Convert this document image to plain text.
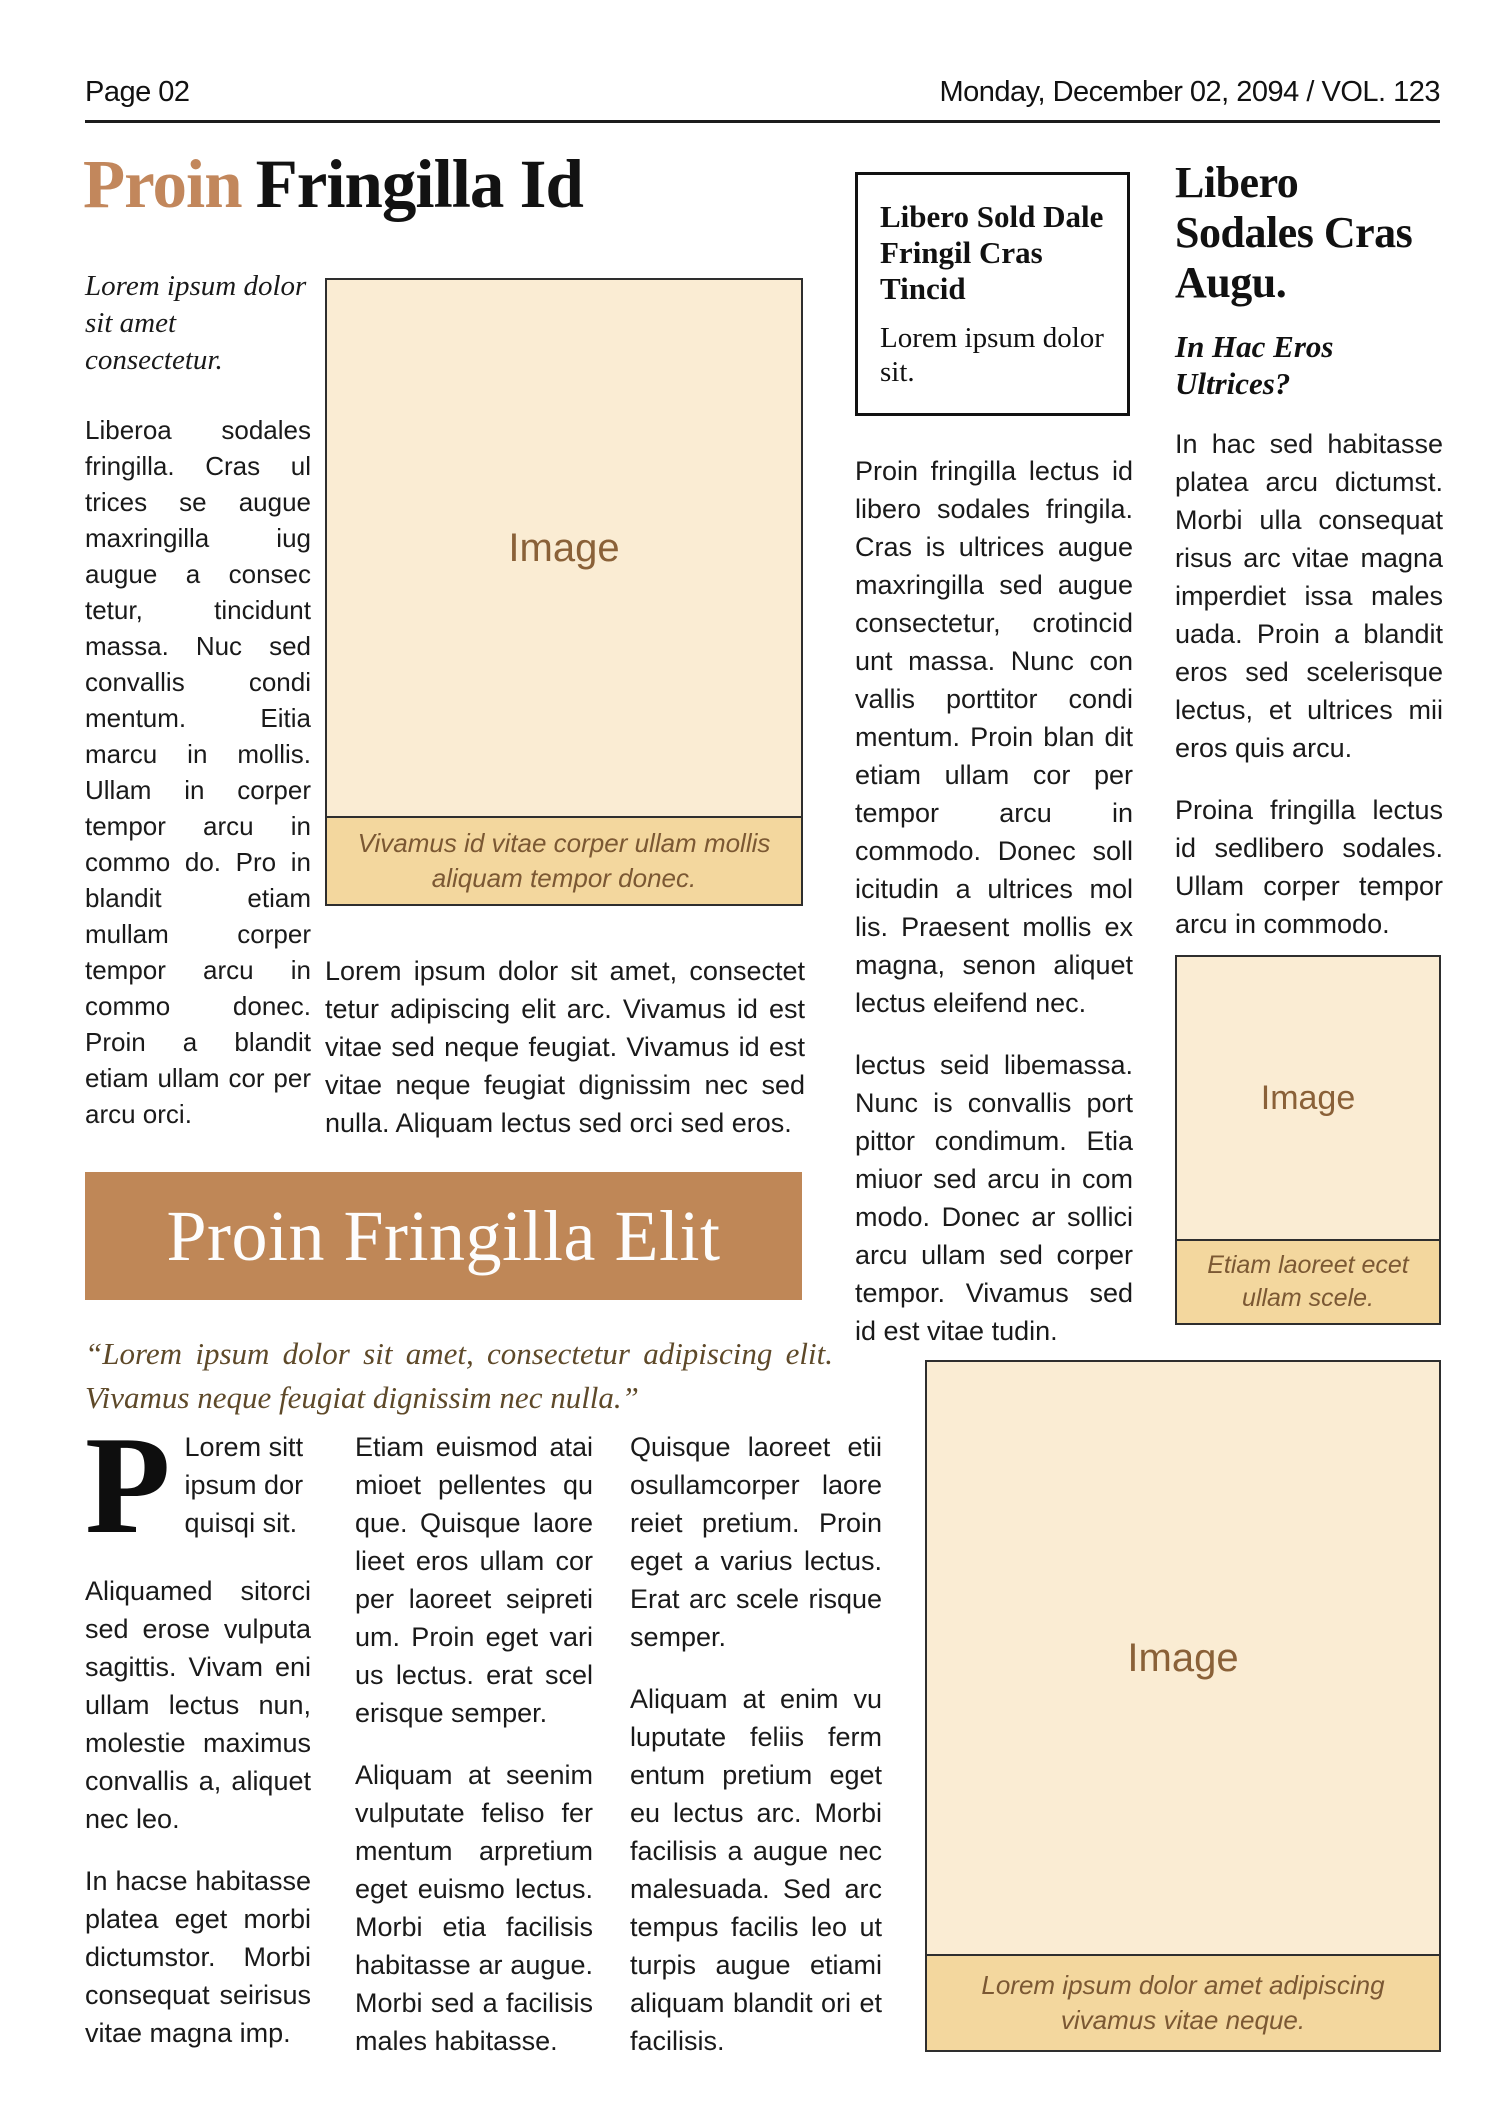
Page 02	Monday, December 02, 2094 / VOL. 123
Proin Fringilla Id
Lorem ipsum dolor sit amet consectetur.
Liberoa sodales fringilla. Cras ul trices se augue maxringilla iug augue a consec tetur, tincidunt massa. Nuc sed convallis condi mentum. Eitia marcu in mollis. Ullam in corper tempor arcu in commo do. Pro in blandit etiam mullam corper tempor arcu in commo donec. Proin a blandit etiam ullam cor per arcu orci.
Image
Vivamus id vitae corper ullam mollis aliquam tempor donec.
Lorem ipsum dolor sit amet, consectet tetur adipiscing elit arc. Vivamus id est vitae sed neque feugiat. Vivamus id est vitae neque feugiat dignissim nec sed nulla. Aliquam lectus sed orci sed eros.
Proin Fringilla Elit
“Lorem ipsum dolor sit amet, consectetur adipiscing elit. Vivamus neque feugiat dignissim nec nulla.”
P Lorem sitt ipsum dor quisqi sit.
Aliquamed sitorci sed erose vulputa sagittis. Vivam eni ullam lectus nun, molestie maximus convallis a, aliquet nec leo.
In hacse habitasse platea eget morbi dictumstor. Morbi consequat seirisus vitae magna imp.
Etiam euismod atai mioet pellentes qu que. Quisque laore lieet eros ullam cor per laoreet seipreti um. Proin eget vari us lectus. erat scel erisque semper.
Aliquam at seenim vulputate feliso fer mentum arpretium eget euismo lectus. Morbi etia facilisis habitasse ar augue. Morbi sed a facilisis males habitasse.
Quisque laoreet etii osullamcorper laore reiet pretium. Proin eget a varius lectus. Erat arc scele risque semper.
Aliquam at enim vu luputate feliis ferm entum pretium eget eu lectus arc. Morbi facilisis a augue nec malesuada. Sed arc tempus facilis leo ut turpis augue etiami aliquam blandit ori et facilisis.
Image
Lorem ipsum dolor amet adipiscing vivamus vitae neque.
Libero Sold Dale Fringil Cras Tincid
Lorem ipsum dolor sit.
Proin fringilla lectus id libero sodales fringila. Cras is ultrices augue maxringilla sed augue consectetur, crotincid unt massa. Nunc con vallis porttitor condi mentum. Proin blan dit etiam ullam cor per tempor arcu in commodo. Donec soll icitudin a ultrices mol lis. Praesent mollis ex magna, senon aliquet lectus eleifend nec.
lectus seid libemassa. Nunc is convallis port pittor condimum. Etia miuor sed arcu in com modo. Donec ar sollici arcu ullam sed corper tempor. Vivamus sed id est vitae tudin.
Libero Sodales Cras Augu.
In Hac Eros Ultrices?
In hac sed habitasse platea arcu dictumst. Morbi ulla consequat risus arc vitae magna imperdiet issa males uada. Proin a blandit eros sed scelerisque lectus, et ultrices mii eros quis arcu.
Proina fringilla lectus id sedlibero sodales. Ullam corper tempor arcu in commodo.
Image
Etiam laoreet ecet ullam scele.
